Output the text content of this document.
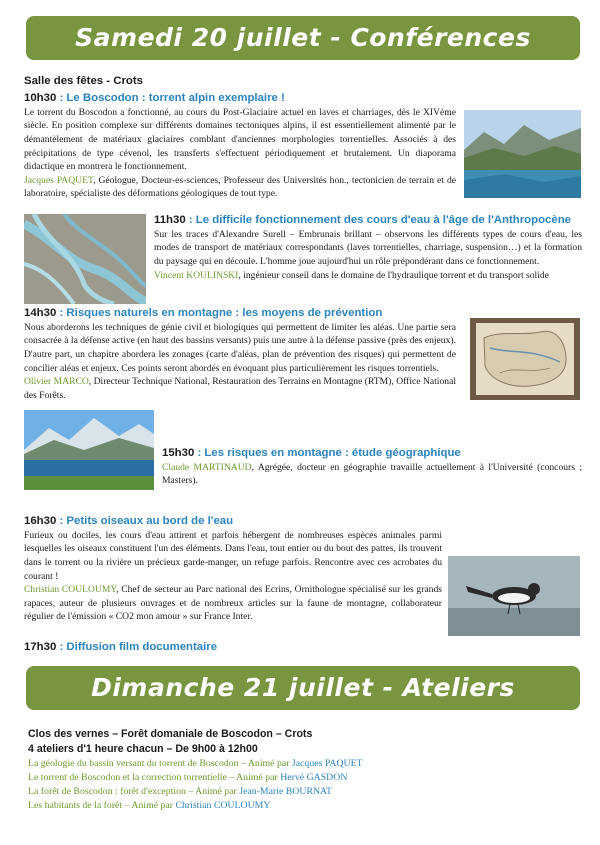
Samedi 20 juillet - Conférences
Salle des fêtes - Crots
10h30 : Le Boscodon : torrent alpin exemplaire !
Le torrent du Boscodon a fonctionné, au cours du Post-Glaciaire actuel en laves et charriages, dès le XIVème siècle. En position complexe sur différents domaines tectoniques alpins, il est essentiellement alimenté par le démantèlement de matériaux glaciaires comblant d'anciennes morphologies torrentielles. Associés à des précipitations de type cévenol, les transferts s'effectuent périodiquement et brutalement. Un diaporama didactique en montrera le fonctionnement.
Jacques PAQUET, Géologue, Docteur-es-sciences, Professeur des Universités hon., tectonicien de terrain et de laboratoire, spécialiste des déformations géologiques de tout type.
11h30 : Le difficile fonctionnement des cours d'eau à l'âge de l'Anthropocène
Sur les traces d'Alexandre Surell – Embrunais brillant – observons les différents types de cours d'eau, les modes de transport de matériaux correspondants (laves torrentielles, charriage, suspension…) et la formation du paysage qui en découle. L'homme joue aujourd'hui un rôle prépondérant dans ce fonctionnement.
Vincent KOULINSKI, ingénieur conseil dans le domaine de l'hydraulique torrent et du transport solide
14h30 : Risques naturels en montagne : les moyens de prévention
Nous aborderons les techniques de génie civil et biologiques qui permettent de limiter les aléas. Une partie sera consacrée à la défense active (en haut des bassins versants) puis une autre à la défense passive (près des enjeux). D'autre part, un chapitre abordera les zonages (carte d'aléas, plan de prévention des risques) qui permettent de concilier aléas et enjeux. Ces points seront abordés en évoquant plus particulièrement les risques torrentiels.
Olivier MARCO, Directeur Technique National, Restauration des Terrains en Montagne (RTM), Office National des Forêts.
15h30 : Les risques en montagne : étude géographique
Claude MARTINAUD, Agrégée, docteur en géographie travaille actuellement à l'Université (concours ; Masters).
16h30 : Petits oiseaux au bord de l'eau
Furieux ou dociles, les cours d'eau attirent et parfois hébergent de nombreuses espèces animales parmi lesquelles les oiseaux constituent l'un des éléments. Dans l'eau, tout entier ou du bout des pattes, ils trouvent dans le torrent ou la rivière un précieux garde-manger, un refuge parfois. Rencontre avec ces acrobates du courant !
Christian COULOUMY, Chef de secteur au Parc national des Ecrins, Ornithologue spécialisé sur les grands rapaces, auteur de plusieurs ouvrages et de nombreux articles sur la faune de montagne, collaborateur régulier de l'émission « CO2 mon amour » sur France Inter.
17h30 : Diffusion film documentaire
Dimanche 21 juillet - Ateliers
Clos des vernes – Forêt domaniale de Boscodon – Crots
4 ateliers d'1 heure chacun – De 9h00 à 12h00
La géologie du bassin versant du torrent de Boscodon – Animé par Jacques PAQUET
Le torrent de Boscodon et la correction torrentielle – Animé par Hervé GASDON
La forêt de Boscodon : forêt d'exception – Animé par Jean-Marie BOURNAT
Les habitants de la forêt – Animé par Christian COULOUMY
